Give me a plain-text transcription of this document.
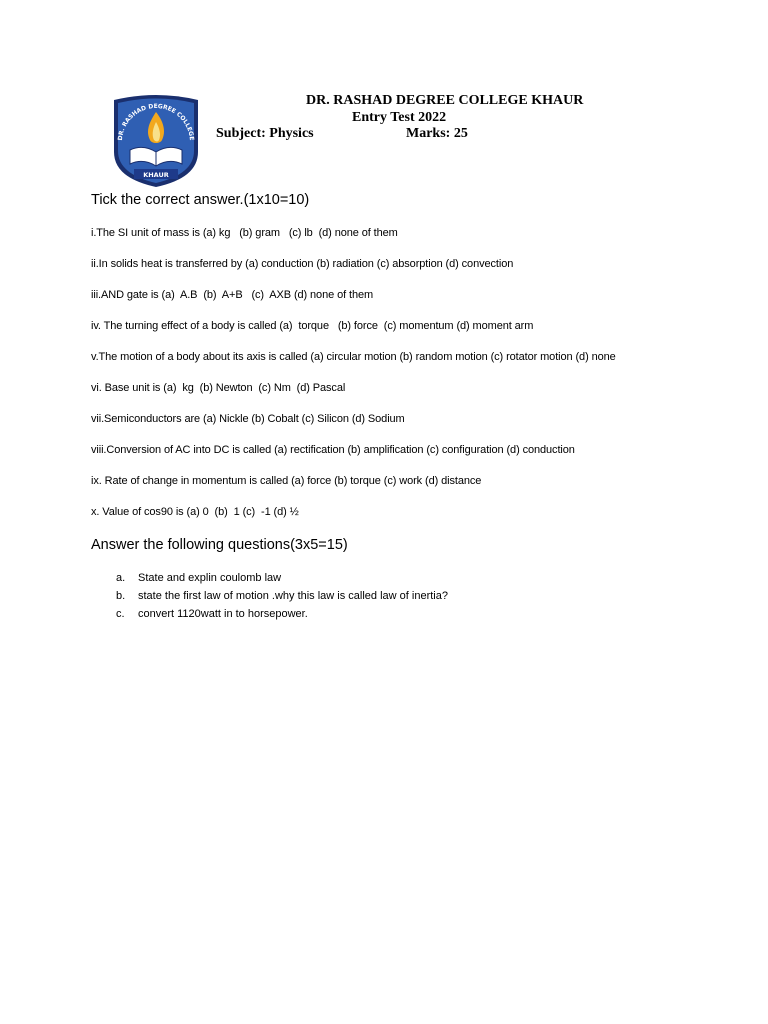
DR. RASHAD DEGREE COLLEGE
KHAUR
DR. RASHAD DEGREE COLLEGE KHAUR
Entry Test 2022
Subject: Physics	Marks: 25
Tick the correct answer.(1x10=10)
i.The SI unit of mass is (a) kg   (b) gram   (c) lb  (d) none of them
ii.In solids heat is transferred by (a) conduction (b) radiation (c) absorption (d) convection
iii.AND gate is (a)  A.B  (b)  A+B   (c)  AXB (d) none of them
iv. The turning effect of a body is called (a)  torque   (b) force  (c) momentum (d) moment arm
v.The motion of a body about its axis is called (a) circular motion (b) random motion (c) rotator motion (d) none
vi. Base unit is (a)  kg  (b) Newton  (c) Nm  (d) Pascal
vii.Semiconductors are (a) Nickle (b) Cobalt (c) Silicon (d) Sodium
viii.Conversion of AC into DC is called (a) rectification (b) amplification (c) configuration (d) conduction
ix. Rate of change in momentum is called (a) force (b) torque (c) work (d) distance
x. Value of cos90 is (a) 0  (b)  1 (c)  -1 (d) ½
Answer the following questions(3x5=15)
a. State and explin coulomb law
b. state the first law of motion .why this law is called law of inertia?
c. convert 1120watt in to horsepower.
